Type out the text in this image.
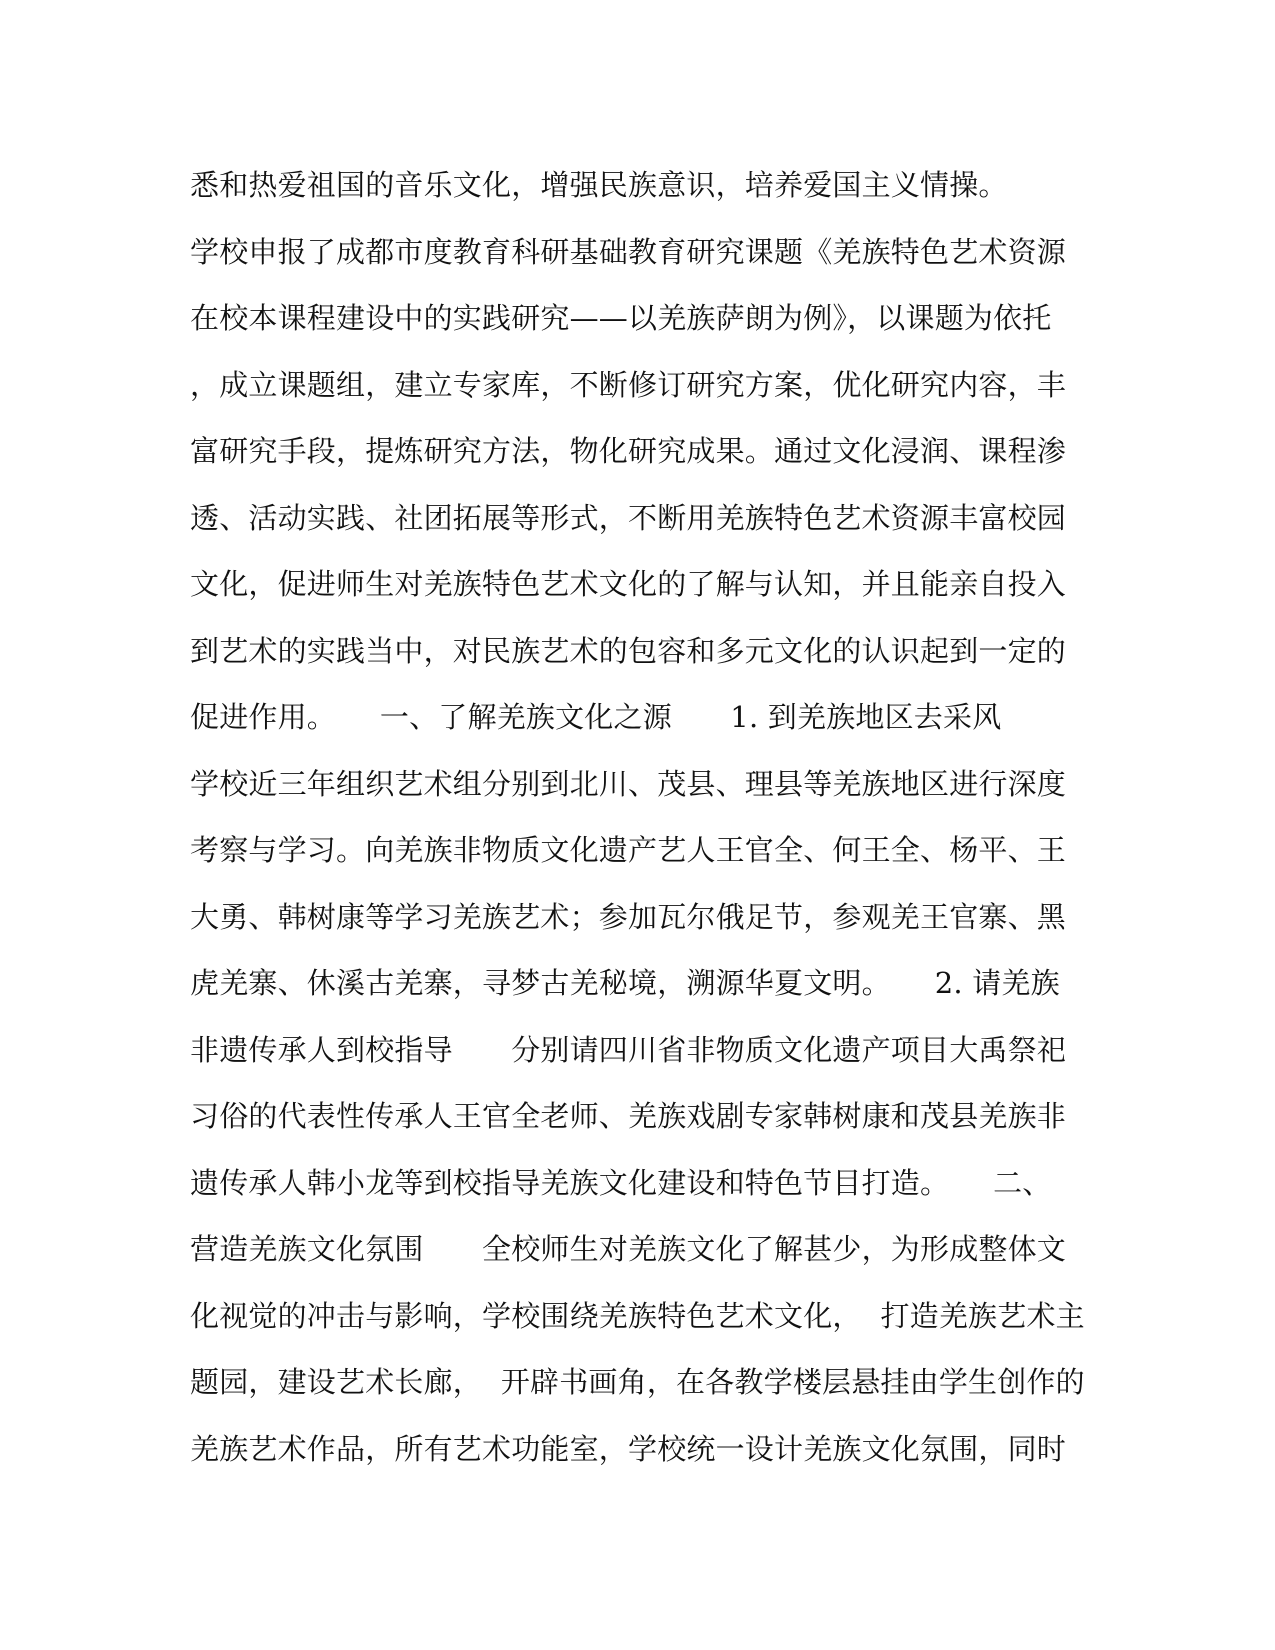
悉和热爱祖国的音乐文化，增强民族意识，培养爱国主义情操。
学校申报了成都市度教育科研基础教育研究课题《羌族特色艺术资源
在校本课程建设中的实践研究——以羌族萨朗为例》，以课题为依托
，成立课题组，建立专家库，不断修订研究方案，优化研究内容，丰
富研究手段，提炼研究方法，物化研究成果。通过文化浸润、课程渗
透、活动实践、社团拓展等形式，不断用羌族特色艺术资源丰富校园
文化，促进师生对羌族特色艺术文化的了解与认知，并且能亲自投入
到艺术的实践当中，对民族艺术的包容和多元文化的认识起到一定的
促进作用。　　一、了解羌族文化之源　　1. 到羌族地区去采风
学校近三年组织艺术组分别到北川、茂县、理县等羌族地区进行深度
考察与学习。向羌族非物质文化遗产艺人王官全、何王全、杨平、王
大勇、韩树康等学习羌族艺术；参加瓦尔俄足节，参观羌王官寨、黑
虎羌寨、休溪古羌寨，寻梦古羌秘境，溯源华夏文明。　　2. 请羌族
非遗传承人到校指导　　分别请四川省非物质文化遗产项目大禹祭祀
习俗的代表性传承人王官全老师、羌族戏剧专家韩树康和茂县羌族非
遗传承人韩小龙等到校指导羌族文化建设和特色节目打造。　　二、
营造羌族文化氛围　　全校师生对羌族文化了解甚少，为形成整体文
化视觉的冲击与影响，学校围绕羌族特色艺术文化，  打造羌族艺术主
题园，建设艺术长廊，  开辟书画角，在各教学楼层悬挂由学生创作的
羌族艺术作品，所有艺术功能室，学校统一设计羌族文化氛围，同时
